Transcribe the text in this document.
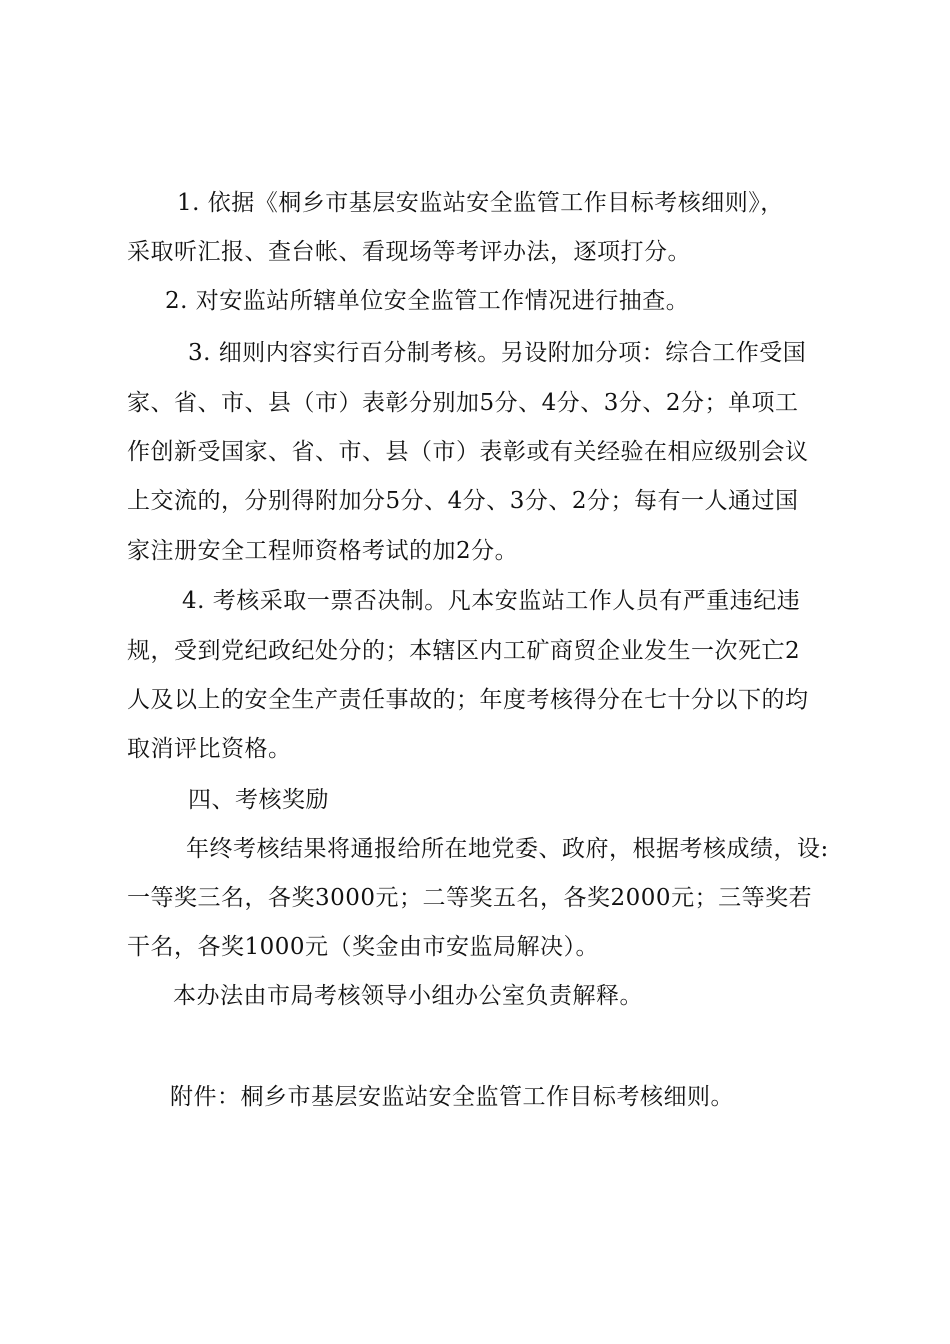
1. 依据《桐乡市基层安监站安全监管工作目标考核细则》，
采取听汇报、查台帐、看现场等考评办法，逐项打分。
2. 对安监站所辖单位安全监管工作情况进行抽查。
3. 细则内容实行百分制考核。另设附加分项：综合工作受国
家、省、市、县（市）表彰分别加5分、4分、3分、2分；单项工
作创新受国家、省、市、县（市）表彰或有关经验在相应级别会议
上交流的，分别得附加分5分、4分、3分、2分；每有一人通过国
家注册安全工程师资格考试的加2分。
4. 考核采取一票否决制。凡本安监站工作人员有严重违纪违
规，受到党纪政纪处分的；本辖区内工矿商贸企业发生一次死亡2
人及以上的安全生产责任事故的；年度考核得分在七十分以下的均
取消评比资格。
四、考核奖励
年终考核结果将通报给所在地党委、政府，根据考核成绩，设:
一等奖三名，各奖3000元；二等奖五名，各奖2000元；三等奖若
干名，各奖1000元（奖金由市安监局解决）。
本办法由市局考核领导小组办公室负责解释。
附件：桐乡市基层安监站安全监管工作目标考核细则。
